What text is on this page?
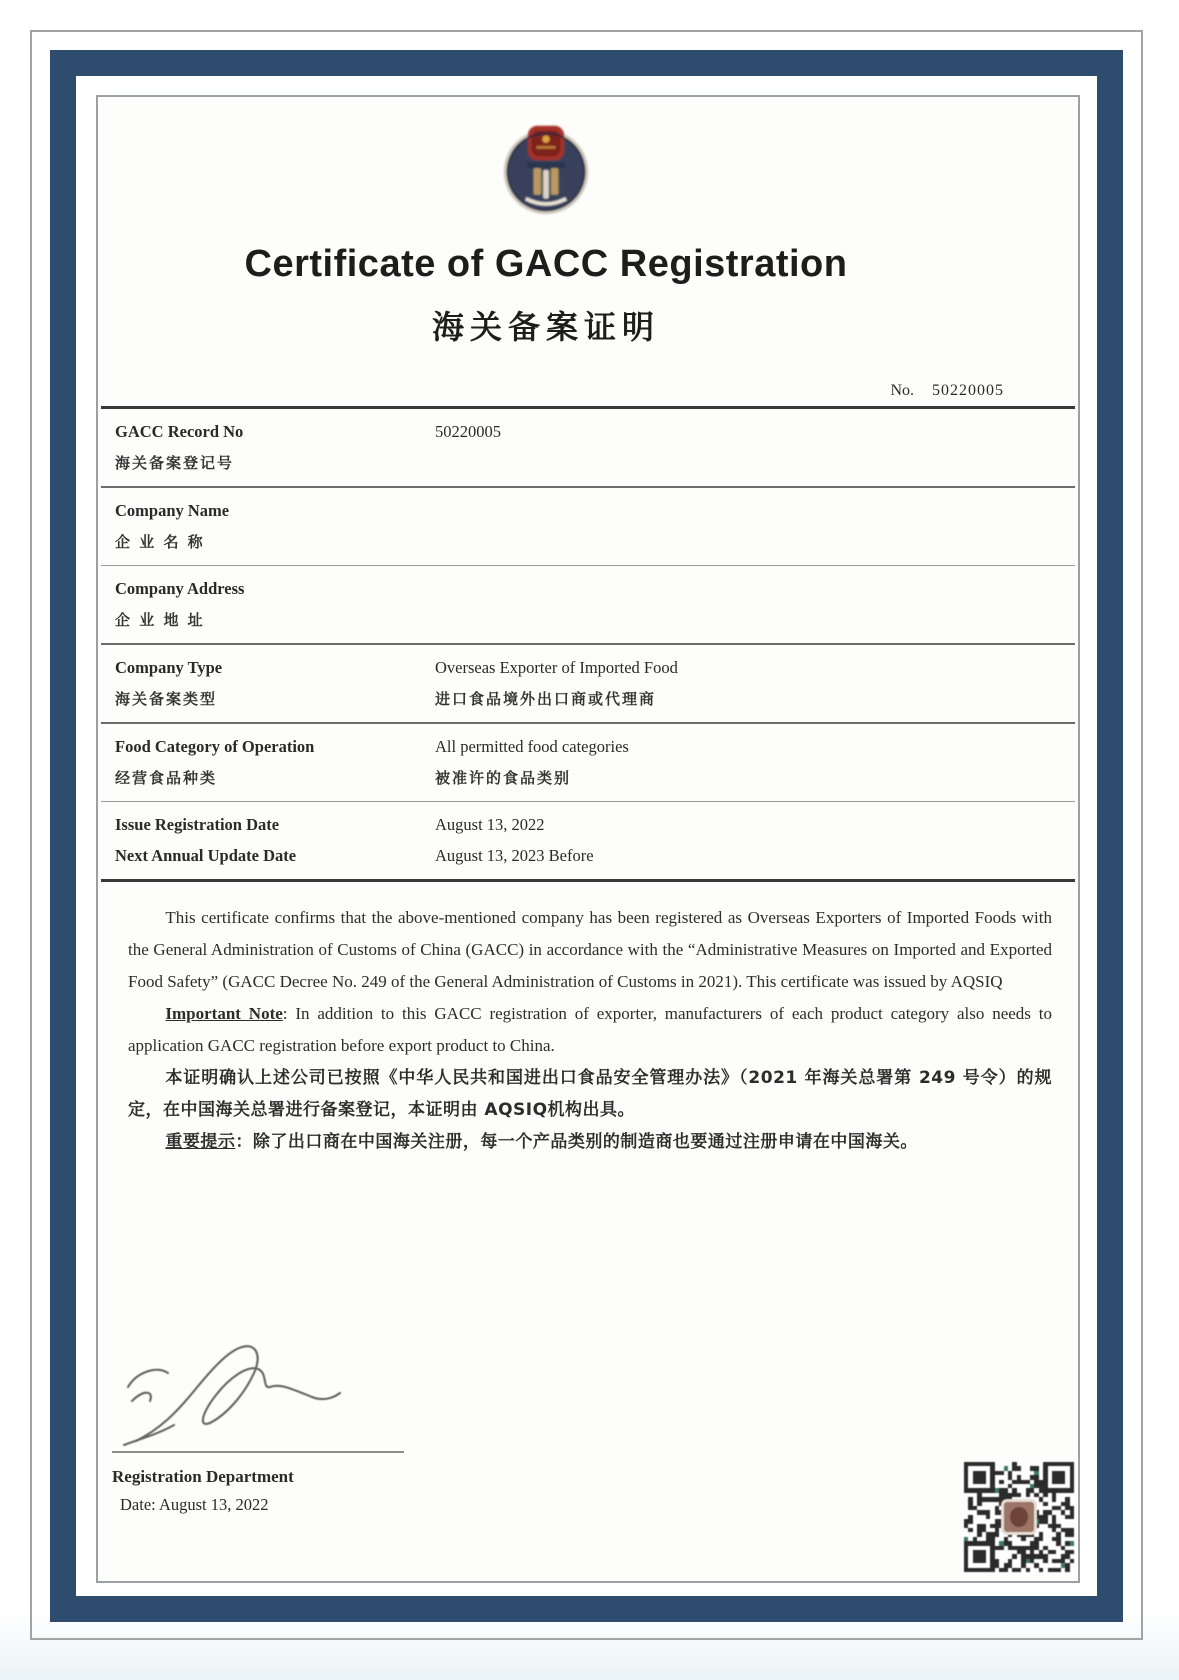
Certificate of GACC Registration
海关备案证明
No. 50220005
GACC Record No	50220005
海关备案登记号
Company Name
企 业 名 称
Company Address
企 业 地 址
Company Type	Overseas Exporter of Imported Food
海关备案类型	进口食品境外出口商或代理商
Food Category of Operation	All permitted food categories
经营食品种类	被准许的食品类别
Issue Registration Date	August 13, 2022
Next Annual Update Date	August 13, 2023 Before

This certificate confirms that the above-mentioned company has been registered as Overseas Exporters of Imported Foods with the General Administration of Customs of China (GACC) in accordance with the “Administrative Measures on Imported and Exported Food Safety” (GACC Decree No. 249 of the General Administration of Customs in 2021). This certificate was issued by AQSIQ

Important Note: In addition to this GACC registration of exporter, manufacturers of each product category also needs to application GACC registration before export product to China.

本证明确认上述公司已按照《中华人民共和国进出口食品安全管理办法》（2021 年海关总署第 249 号令）的规定，在中国海关总署进行备案登记，本证明由 AQSIQ机构出具。

重要提示：除了出口商在中国海关注册，每一个产品类别的制造商也要通过注册申请在中国海关。

Registration Department
Date: August 13, 2022
